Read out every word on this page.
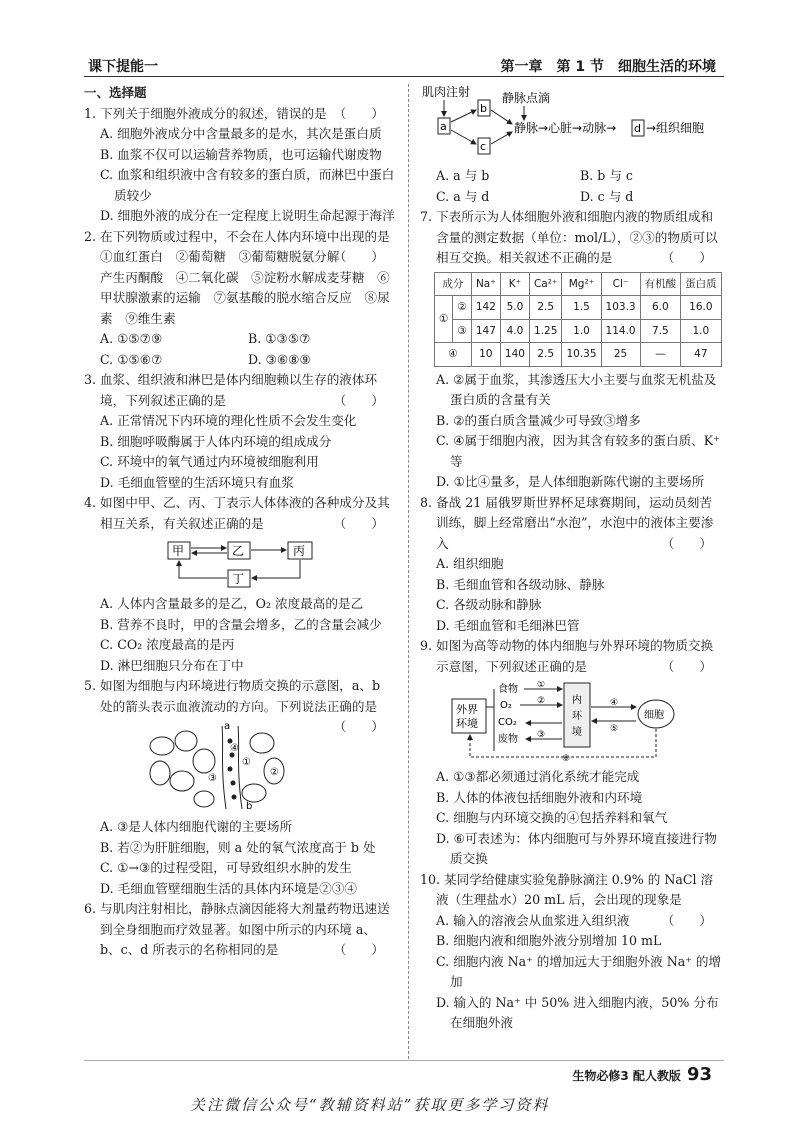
课下提能一	第一章　第 1 节　细胞生活的环境

一、选择题

1. 下列关于细胞外液成分的叙述，错误的是 （　　）

A. 细胞外液成分中含量最多的是水，其次是蛋白质

B. 血浆不仅可以运输营养物质，也可运输代谢废物

C. 血浆和组织液中含有较多的蛋白质，而淋巴中蛋白质较少

D. 细胞外液的成分在一定程度上说明生命起源于海洋

2. 在下列物质或过程中，不会在人体内环境中出现的是
（　　）

①血红蛋白　②葡萄糖　③葡萄糖脱氨分解产生丙酮酸　④二氧化碳　⑤淀粉水解成麦芽糖　⑥甲状腺激素的运输　⑦氨基酸的脱水缩合反应　⑧尿素　⑨维生素

A. ①⑤⑦⑨	B. ①③⑤⑦
C. ①⑤⑥⑦	D. ③⑥⑧⑨

3. 血浆、组织液和淋巴是体内细胞赖以生存的液体环境，下列叙述正确的是	（　　）

A. 正常情况下内环境的理化性质不会发生变化

B. 细胞呼吸酶属于人体内环境的组成成分

C. 环境中的氧气通过内环境被细胞利用

D. 毛细血管壁的生活环境只有血浆

4. 如图中甲、乙、丙、丁表示人体体液的各种成分及其相互关系，有关叙述正确的是	（　　）

甲	乙	丙
丁

A. 人体内含量最多的是乙，O₂ 浓度最高的是乙

B. 营养不良时，甲的含量会增多，乙的含量会减少

C. CO₂ 浓度最高的是丙

D. 淋巴细胞只分布在丁中

5. 如图为细胞与内环境进行物质交换的示意图，a、b 处的箭头表示血液流动的方向。下列说法正确的是
（　　）

a
b
①
②
③
④

A. ③是人体内细胞代谢的主要场所

B. 若②为肝脏细胞，则 a 处的氧气浓度高于 b 处

C. ①→③的过程受阻，可导致组织水肿的发生

D. 毛细血管壁细胞生活的具体内环境是②③④

6. 与肌肉注射相比，静脉点滴因能将大剂量药物迅速送到全身细胞而疗效显著。如图中所示的内环境 a、b、c、d 所表示的名称相同的是	（　　）

肌肉注射	静脉点滴
a
b
c
静脉→心脏→动脉→ d →组织细胞
A. a 与 b	B. b 与 c
C. a 与 d	D. c 与 d

7. 下表所示为人体细胞外液和细胞内液的物质组成和含量的测定数据（单位：mol/L），②③的物质可以相互交换。相关叙述不正确的是	（　　）

成分		Na⁺	K⁺	Ca²⁺	Mg²⁺	Cl⁻	有机酸	蛋白质
①	②	142	5.0	2.5	1.5	103.3	6.0	16.0
	③	147	4.0	1.25	1.0	114.0	7.5	1.0
④		10	140	2.5	10.35	25	—	47

A. ②属于血浆，其渗透压大小主要与血浆无机盐及蛋白质的含量有关

B. ②的蛋白质含量减少可导致③增多

C. ④属于细胞内液，因为其含有较多的蛋白质、K⁺等

D. ①比④量多，是人体细胞新陈代谢的主要场所

8. 备战 21 届俄罗斯世界杯足球赛期间，运动员刻苦训练，脚上经常磨出“水泡”，水泡中的液体主要渗入	（　　）

A. 组织细胞

B. 毛细血管和各级动脉、静脉

C. 各级动脉和静脉

D. 毛细血管和毛细淋巴管

9. 如图为高等动物的体内细胞与外界环境的物质交换示意图，下列叙述正确的是	（　　）

外界
环境
食物
O₂
CO₂
废物
①
②
③
内
环
境
④
⑤
细胞
⑥

A. ①③都必须通过消化系统才能完成

B. 人体的体液包括细胞外液和内环境

C. 细胞与内环境交换的④包括养料和氧气

D. ⑥可表述为：体内细胞可与外界环境直接进行物质交换

10. 某同学给健康实验兔静脉滴注 0.9% 的 NaCl 溶液（生理盐水）20 mL 后，会出现的现象是
（　　）

A. 输入的溶液会从血浆进入组织液

B. 细胞内液和细胞外液分别增加 10 mL

C. 细胞内液 Na⁺ 的增加远大于细胞外液 Na⁺ 的增加

D. 输入的 Na⁺ 中 50% 进入细胞内液，50% 分布在细胞外液

生物必修3 配人教版 93
关注微信公众号“教辅资料站”获取更多学习资料
